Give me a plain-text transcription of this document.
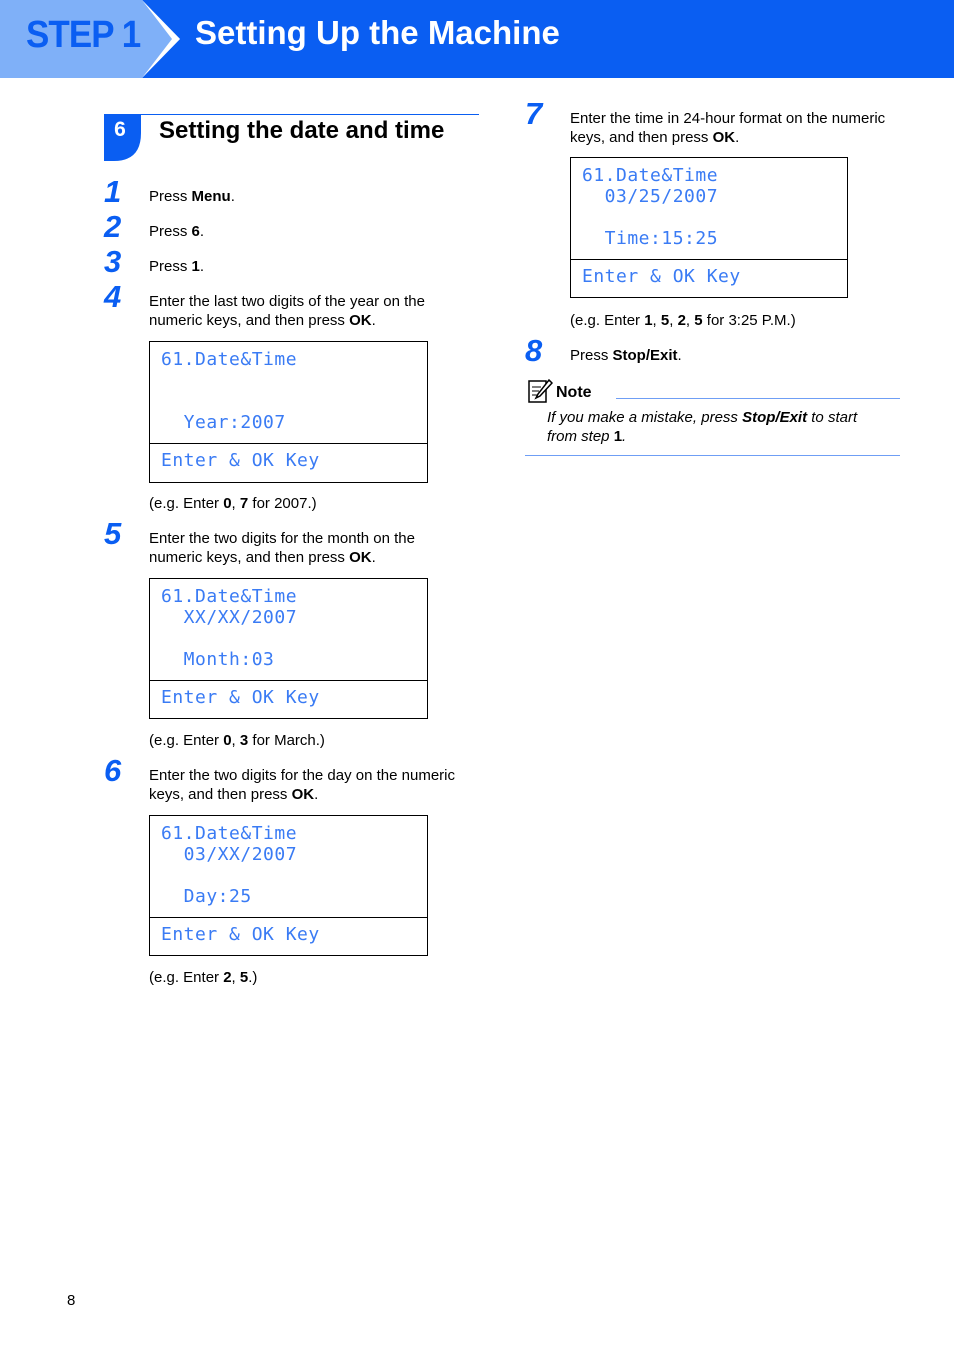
STEP 1 Setting Up the Machine
6	Setting the date and time
1	Press Menu.
2	Press 6.
3	Press 1.
4	Enter the last two digits of the year on the
numeric keys, and then press OK.
61.Date&Time
Year:2007
Enter & OK Key
(e.g. Enter 0, 7 for 2007.)
5	Enter the two digits for the month on the
numeric keys, and then press OK.
61.Date&Time
XX/XX/2007
Month:03
Enter & OK Key
(e.g. Enter 0, 3 for March.)
6	Enter the two digits for the day on the numeric
keys, and then press OK.
61.Date&Time
03/XX/2007
Day:25
Enter & OK Key
(e.g. Enter 2, 5.)
7	Enter the time in 24-hour format on the numeric
keys, and then press OK.
61.Date&Time
03/25/2007
Time:15:25
Enter & OK Key
(e.g. Enter 1, 5, 2, 5 for 3:25 P.M.)
8	Press Stop/Exit.
Note
If you make a mistake, press Stop/Exit to start
from step 1.
8
